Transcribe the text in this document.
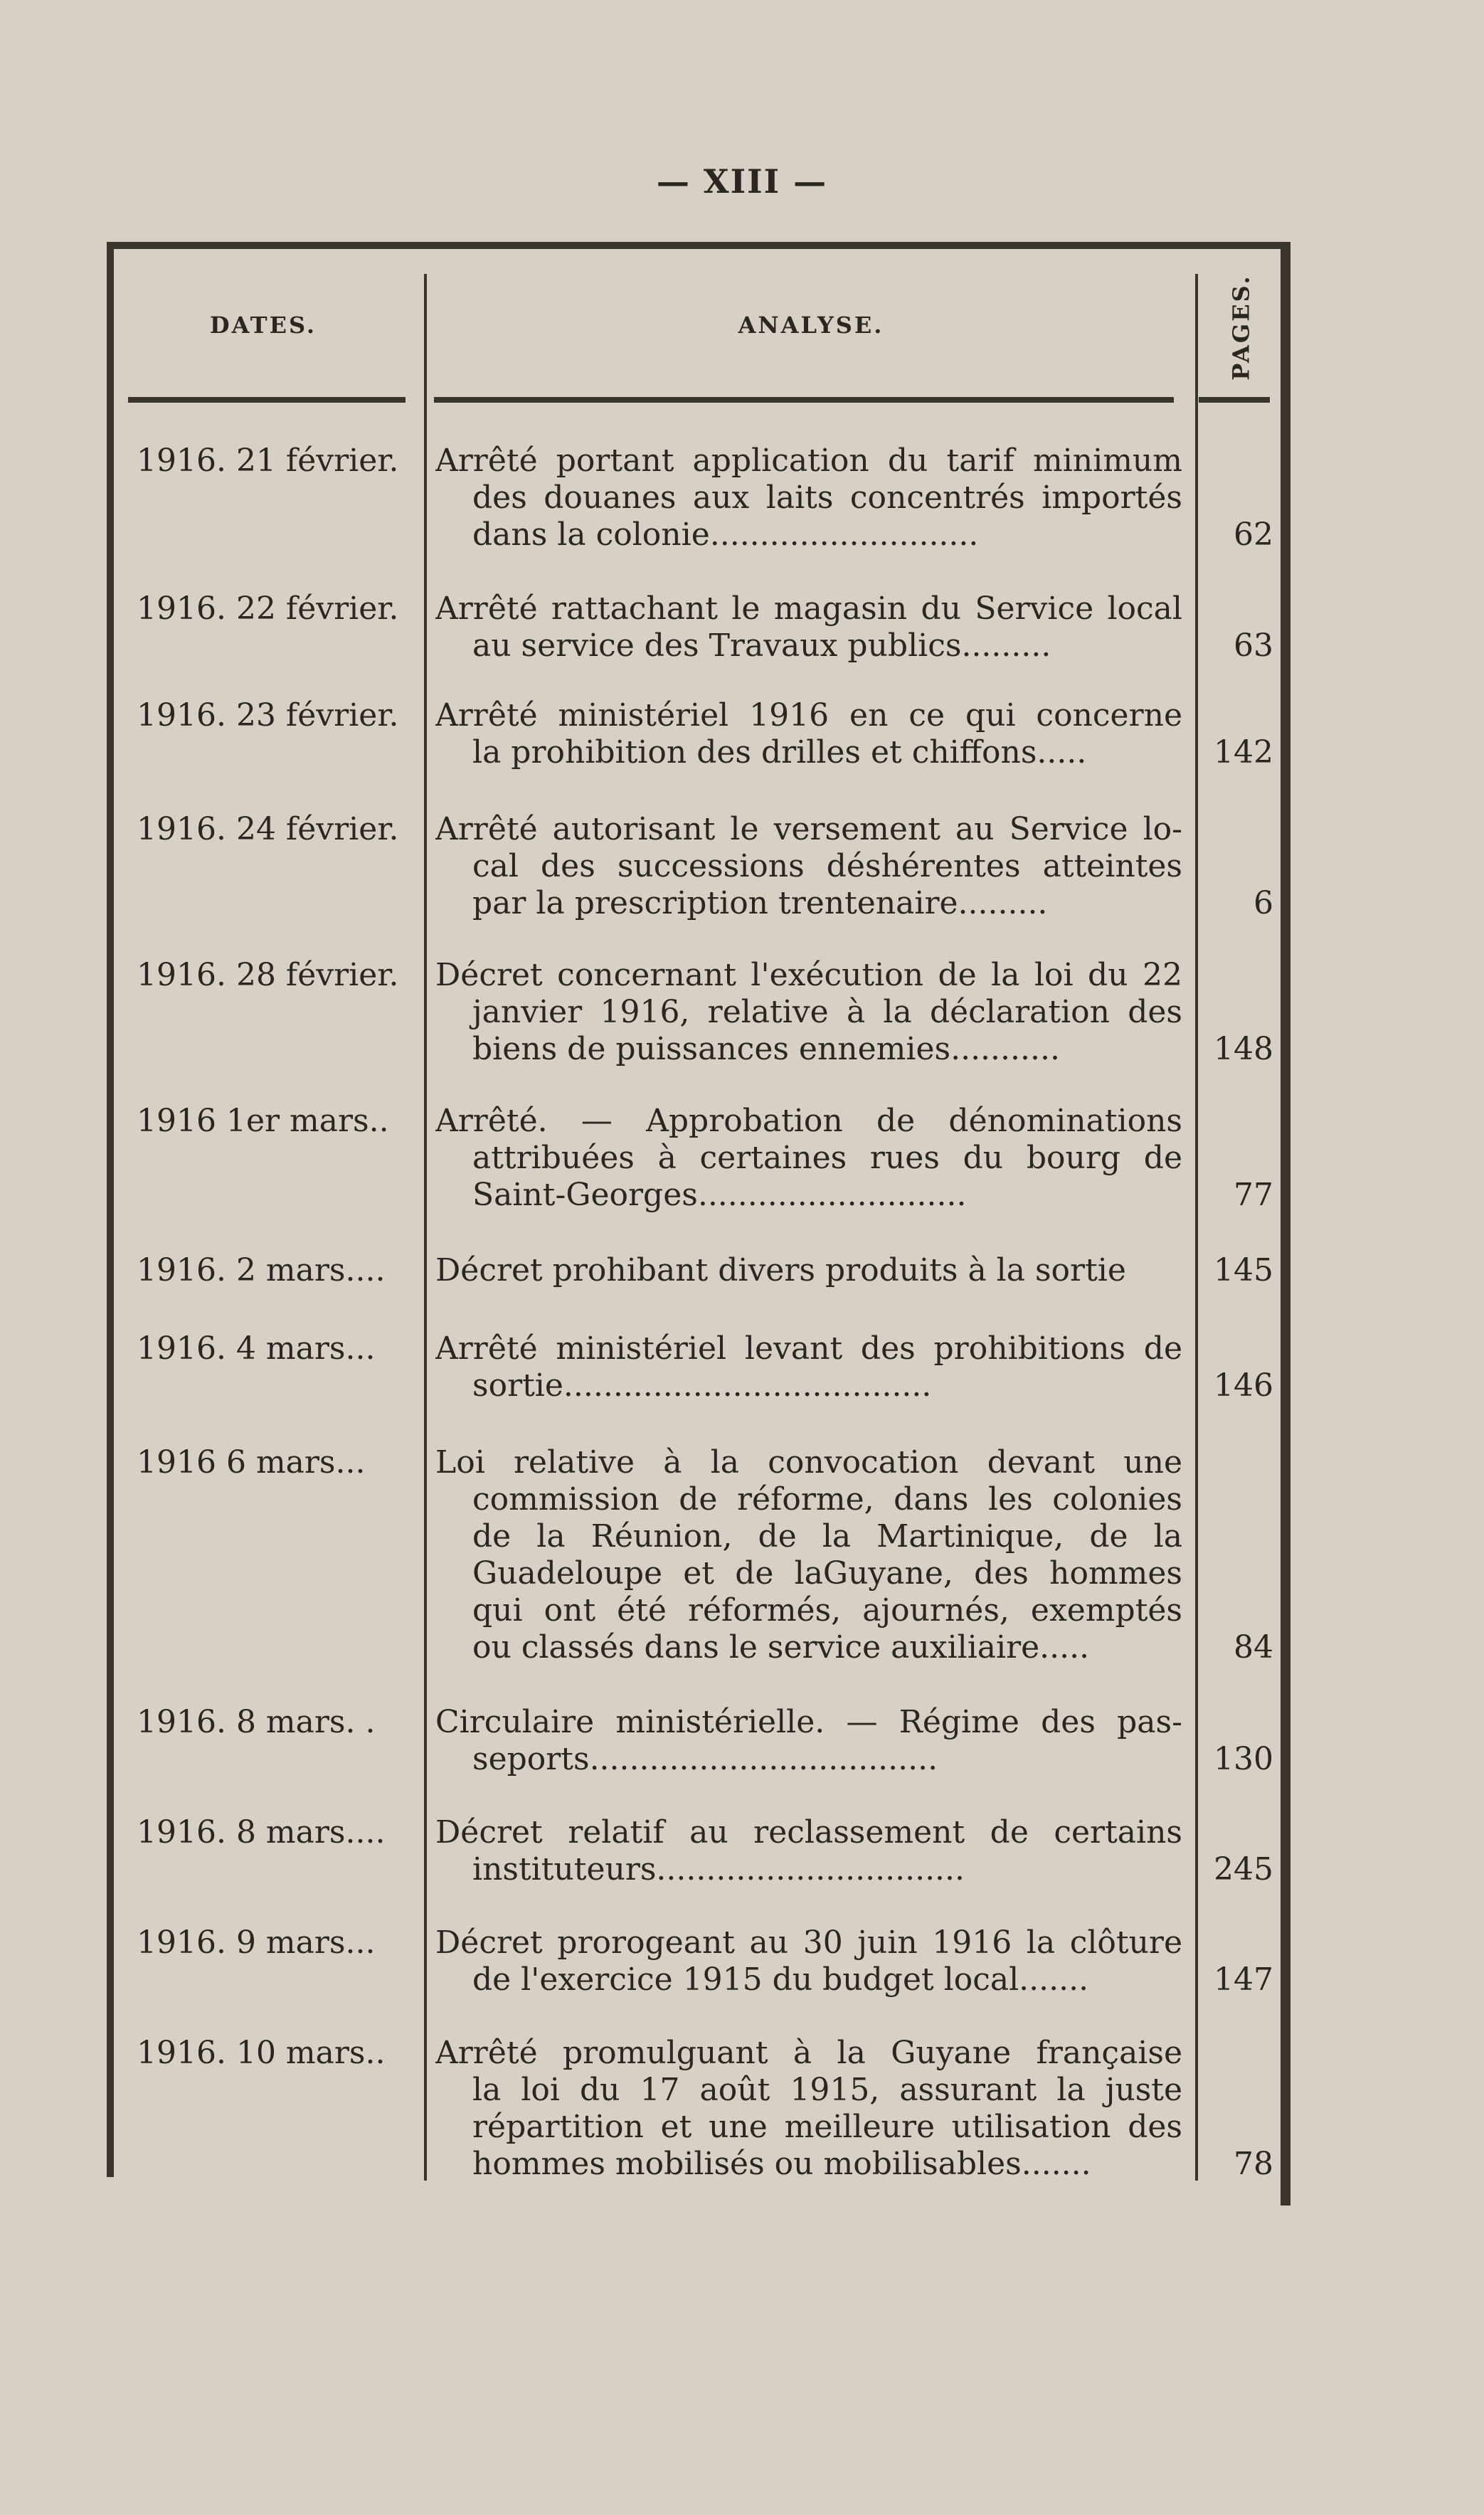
— XIII —
DATES.	ANALYSE.	PAGES.
1916. 21 février.	Arrêté portant application du tarif minimum
des douanes aux laits concentrés importés
dans la colonie...........................	62
1916. 22 février.	Arrêté rattachant le magasin du Service local
au service des Travaux publics.........	63
1916. 23 février.	Arrêté ministériel 1916 en ce qui concerne
la prohibition des drilles et chiffons.....	142
1916. 24 février.	Arrêté autorisant le versement au Service lo-
cal des successions déshérentes atteintes
par la prescription trentenaire.........	6
1916. 28 février.	Décret concernant l'exécution de la loi du 22
janvier 1916, relative à la déclaration des
biens de puissances ennemies...........	148
1916 1er mars..	Arrêté. — Approbation de dénominations
attribuées à certaines rues du bourg de
Saint-Georges...........................	77
1916. 2 mars....	Décret prohibant divers produits à la sortie	145
1916. 4 mars...	Arrêté ministériel levant des prohibitions de
sortie.....................................	146
1916 6 mars...	Loi relative à la convocation devant une
commission de réforme, dans les colonies
de la Réunion, de la Martinique, de la
Guadeloupe et de laGuyane, des hommes
qui ont été réformés, ajournés, exemptés
ou classés dans le service auxiliaire.....	84
1916. 8 mars. .	Circulaire ministérielle. — Régime des pas-
seports...................................	130
1916. 8 mars....	Décret relatif au reclassement de certains
instituteurs...............................	245
1916. 9 mars...	Décret prorogeant au 30 juin 1916 la clôture
de l'exercice 1915 du budget local.......	147
1916. 10 mars..	Arrêté promulguant à la Guyane française
la loi du 17 août 1915, assurant la juste
répartition et une meilleure utilisation des
hommes mobilisés ou mobilisables.......	78
